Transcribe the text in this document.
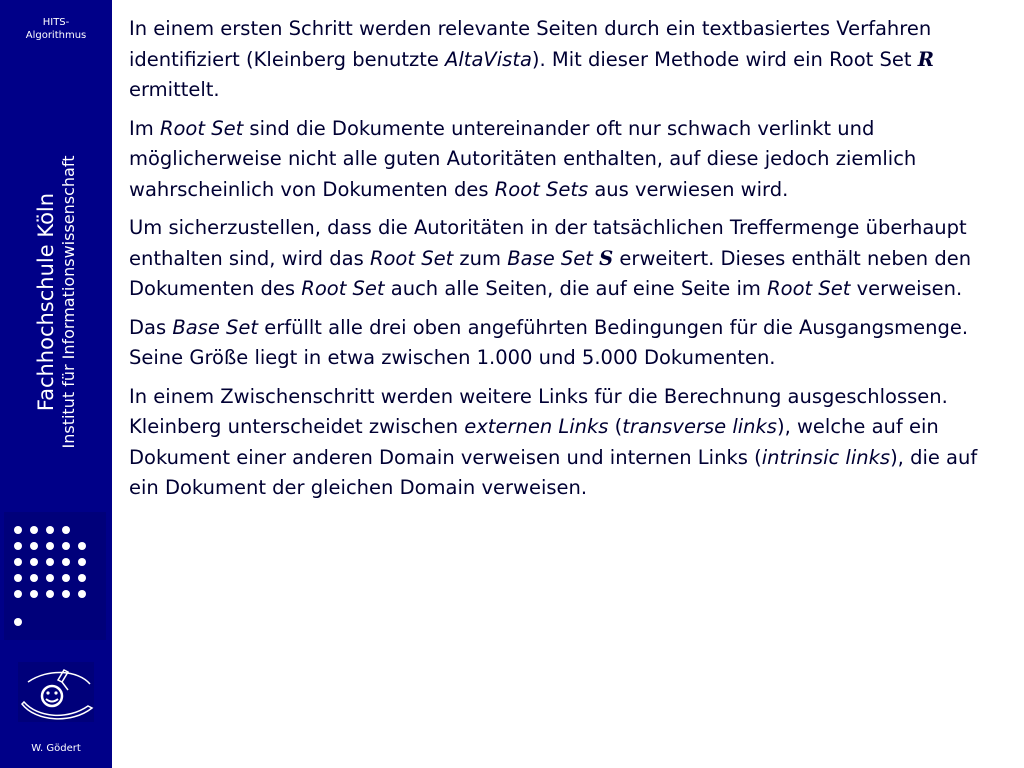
HITS-
Algorithmus
Fachhochschule Köln Institut für Informationswissenschaft
W. Gödert

In einem ersten Schritt werden relevante Seiten durch ein textbasiertes Verfahren identifiziert (Kleinberg benutzte AltaVista). Mit dieser Methode wird ein Root Set R ermittelt.

Im Root Set sind die Dokumente untereinander oft nur schwach verlinkt und möglicherweise nicht alle guten Autoritäten enthalten, auf diese jedoch ziemlich wahrscheinlich von Dokumenten des Root Sets aus verwiesen wird.

Um sicherzustellen, dass die Autoritäten in der tatsächlichen Treffermenge überhaupt enthalten sind, wird das Root Set zum Base Set S erweitert. Dieses enthält neben den Dokumenten des Root Set auch alle Seiten, die auf eine Seite im Root Set verweisen.

Das Base Set erfüllt alle drei oben angeführten Bedingungen für die Ausgangsmenge. Seine Größe liegt in etwa zwischen 1.000 und 5.000 Dokumenten.

In einem Zwischenschritt werden weitere Links für die Berechnung ausgeschlossen. Kleinberg unterscheidet zwischen externen Links (transverse links), welche auf ein Dokument einer anderen Domain verweisen und internen Links (intrinsic links), die auf ein Dokument der gleichen Domain verweisen.
